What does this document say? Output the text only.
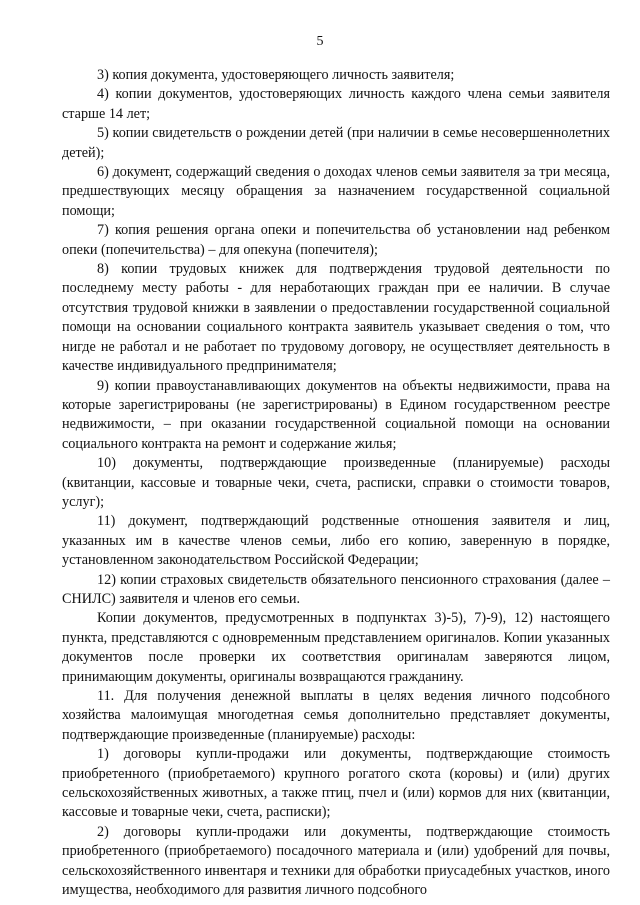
5

3) копия документа, удостоверяющего личность заявителя;

4) копии документов, удостоверяющих личность каждого члена семьи заявителя старше 14 лет;

5) копии свидетельств о рождении детей (при наличии в семье несовершеннолетних детей);

6) документ, содержащий сведения о доходах членов семьи заявителя за три месяца, предшествующих месяцу обращения за назначением государственной социальной помощи;

7) копия решения органа опеки и попечительства об установлении над ребенком опеки (попечительства) – для опекуна (попечителя);

8) копии трудовых книжек для подтверждения трудовой деятельности по последнему месту работы - для неработающих граждан при ее наличии. В случае отсутствия трудовой книжки в заявлении о предоставлении государственной социальной помощи на основании социального контракта заявитель указывает сведения о том, что нигде не работал и не работает по трудовому договору, не осуществляет деятельность в качестве индивидуального предпринимателя;

9) копии правоустанавливающих документов на объекты недвижимости, права на которые зарегистрированы (не зарегистрированы) в Едином государственном реестре недвижимости, – при оказании государственной социальной помощи на основании социального контракта на ремонт и содержание жилья;

10) документы, подтверждающие произведенные (планируемые) расходы (квитанции, кассовые и товарные чеки, счета, расписки, справки о стоимости товаров, услуг);

11) документ, подтверждающий родственные отношения заявителя и лиц, указанных им в качестве членов семьи, либо его копию, заверенную в порядке, установленном законодательством Российской Федерации;

12) копии страховых свидетельств обязательного пенсионного страхования (далее – СНИЛС) заявителя и членов его семьи.

Копии документов, предусмотренных в подпунктах 3)-5), 7)-9), 12) настоящего пункта, представляются с одновременным представлением оригиналов. Копии указанных документов после проверки их соответствия оригиналам заверяются лицом, принимающим документы, оригиналы возвращаются гражданину.

11. Для получения денежной выплаты в целях ведения личного подсобного хозяйства малоимущая многодетная семья дополнительно представляет документы, подтверждающие произведенные (планируемые) расходы:

1) договоры купли-продажи или документы, подтверждающие стоимость приобретенного (приобретаемого) крупного рогатого скота (коровы) и (или) других сельскохозяйственных животных, а также птиц, пчел и (или) кормов для них (квитанции, кассовые и товарные чеки, счета, расписки);

2) договоры купли-продажи или документы, подтверждающие стоимость приобретенного (приобретаемого) посадочного материала и (или) удобрений для почвы, сельскохозяйственного инвентаря и техники для обработки приусадебных участков, иного имущества, необходимого для развития личного подсобного
